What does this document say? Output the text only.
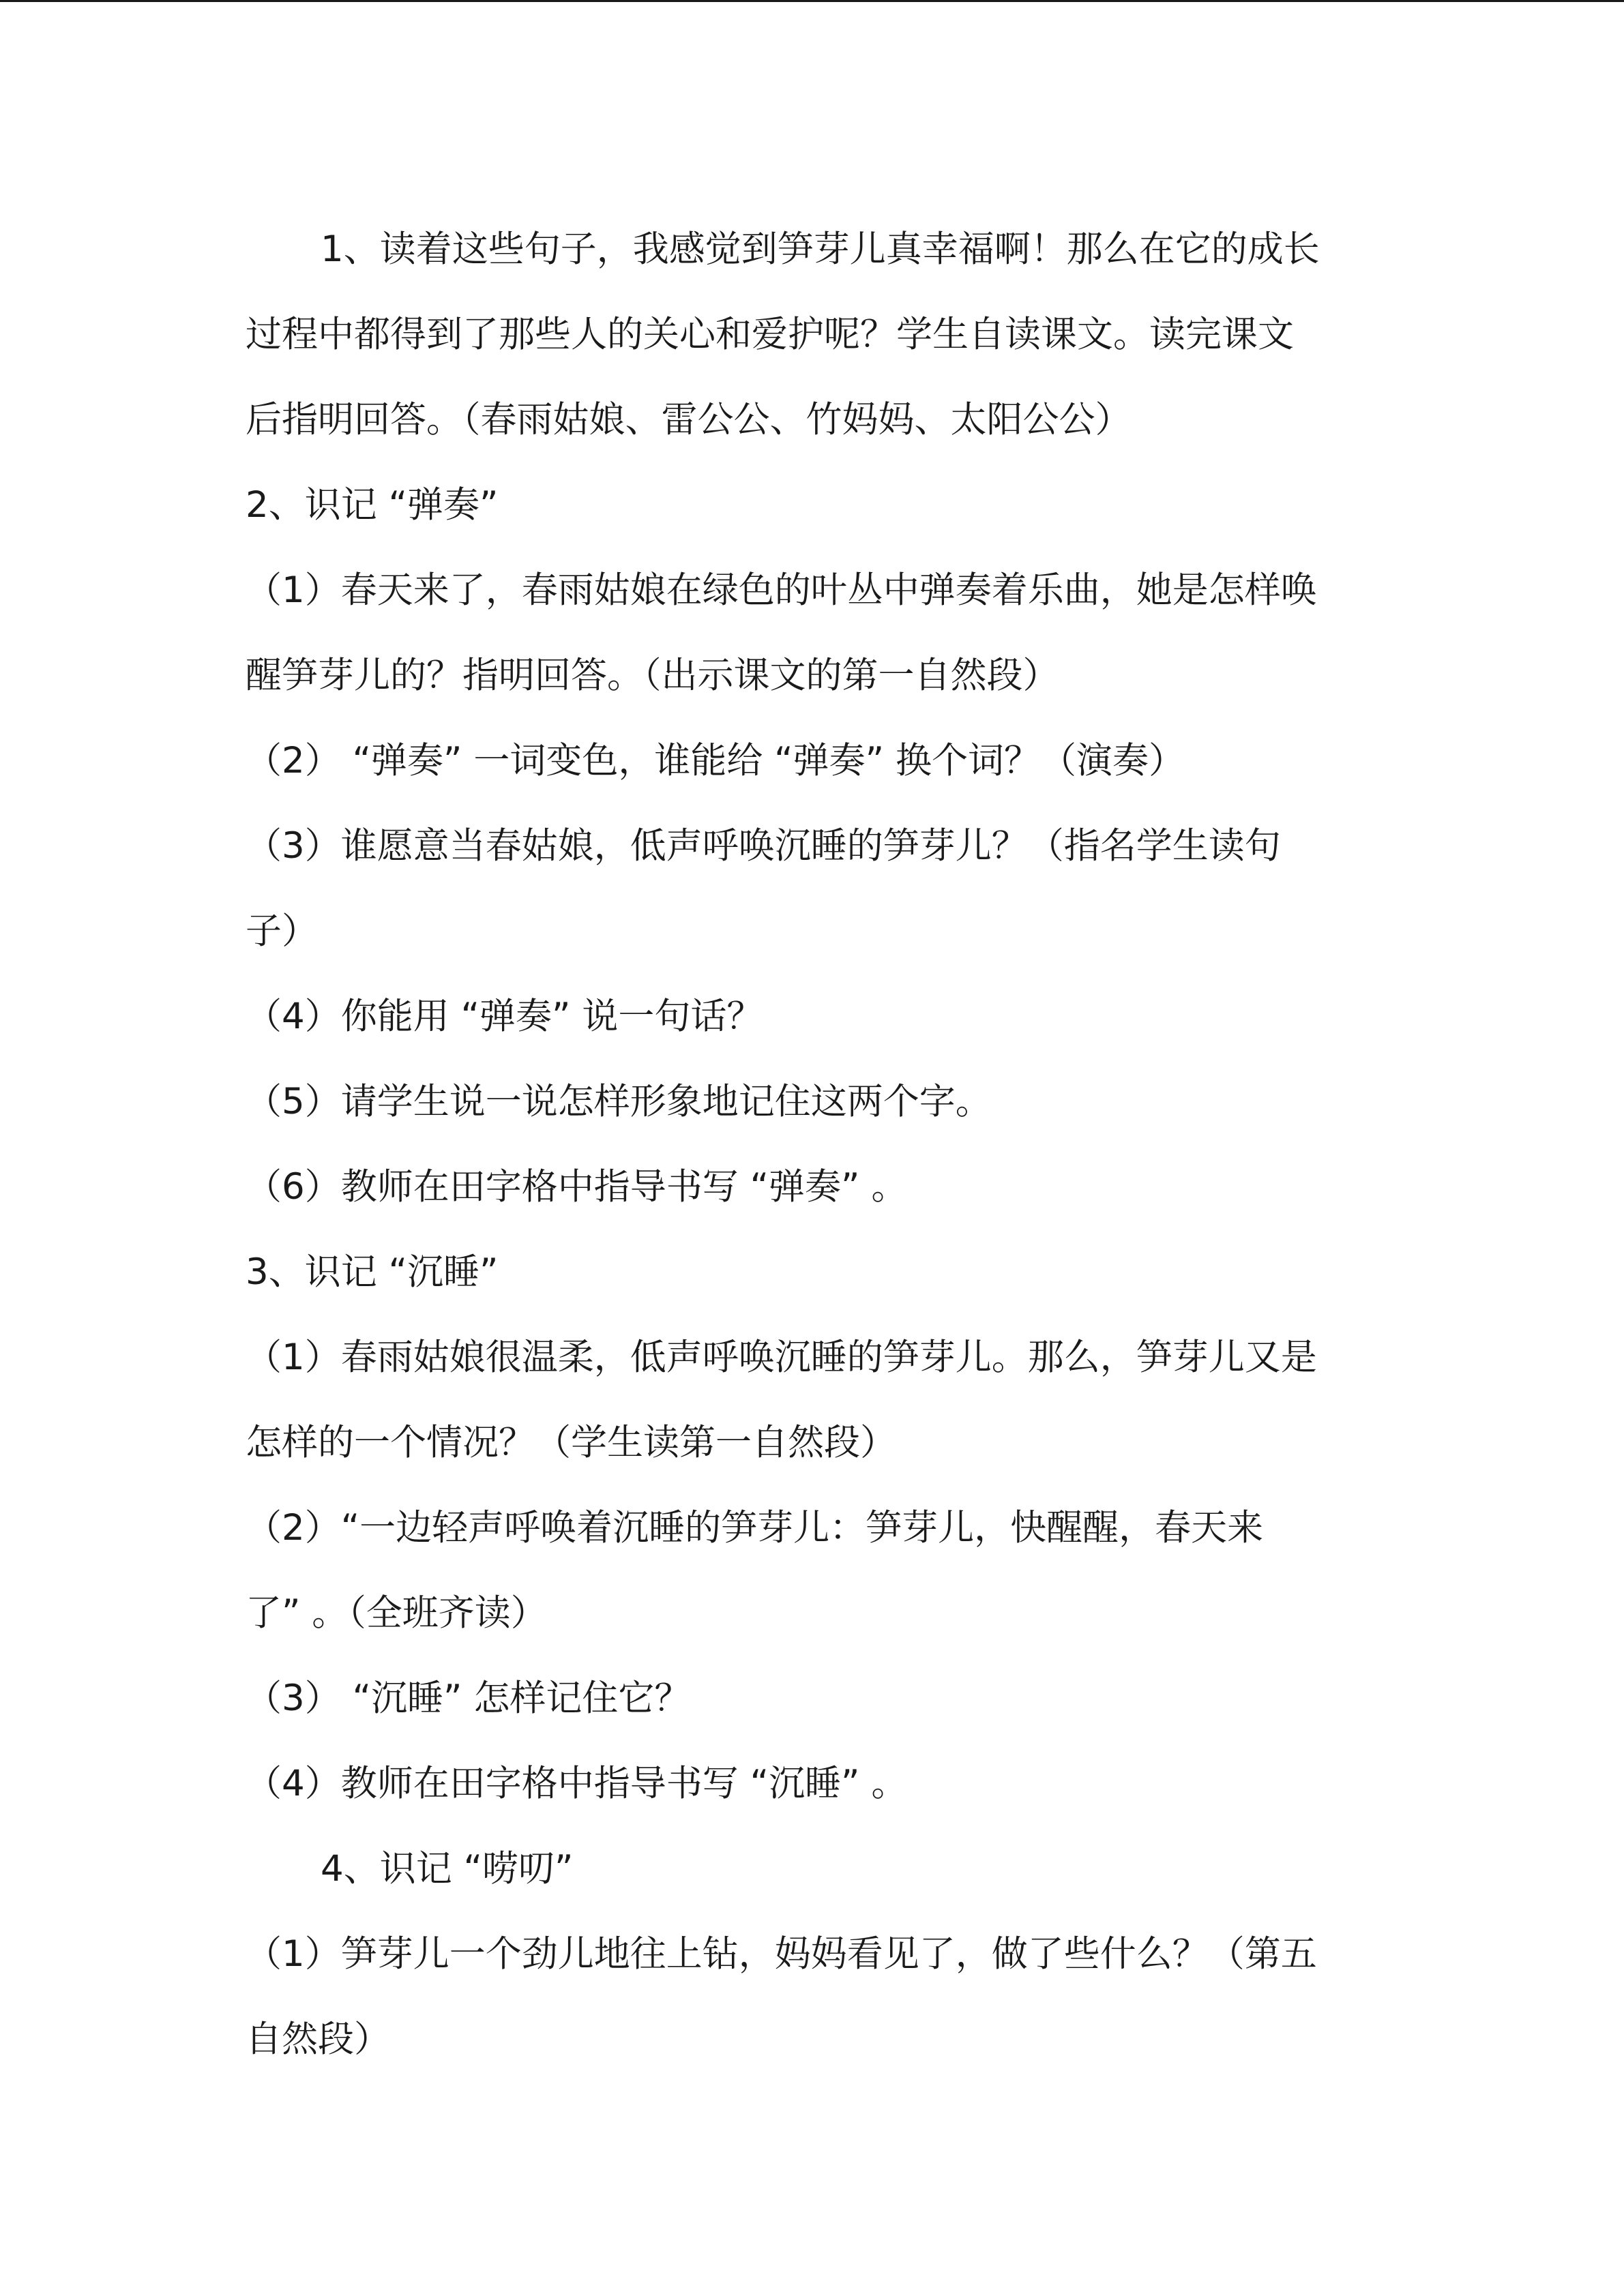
1、读着这些句子，我感觉到笋芽儿真幸福啊！那么在它的成长
过程中都得到了那些人的关心和爱护呢？学生自读课文。读完课文
后指明回答。（春雨姑娘、雷公公、竹妈妈、太阳公公）
2、识记 “弹奏”
（1）春天来了，春雨姑娘在绿色的叶丛中弹奏着乐曲，她是怎样唤
醒笋芽儿的？指明回答。（出示课文的第一自然段）
（2） “弹奏” 一词变色，谁能给 “弹奏” 换个词？（演奏）
（3）谁愿意当春姑娘，低声呼唤沉睡的笋芽儿？（指名学生读句
子）
（4）你能用 “弹奏” 说一句话？
（5）请学生说一说怎样形象地记住这两个字。
（6）教师在田字格中指导书写 “弹奏” 。
3、识记 “沉睡”
（1）春雨姑娘很温柔，低声呼唤沉睡的笋芽儿。那么，笋芽儿又是
怎样的一个情况？（学生读第一自然段）
（2）“一边轻声呼唤着沉睡的笋芽儿：笋芽儿，快醒醒，春天来
了” 。（全班齐读）
（3） “沉睡” 怎样记住它？
（4）教师在田字格中指导书写 “沉睡” 。
4、识记 “唠叨”
（1）笋芽儿一个劲儿地往上钻，妈妈看见了，做了些什么？（第五
自然段）
